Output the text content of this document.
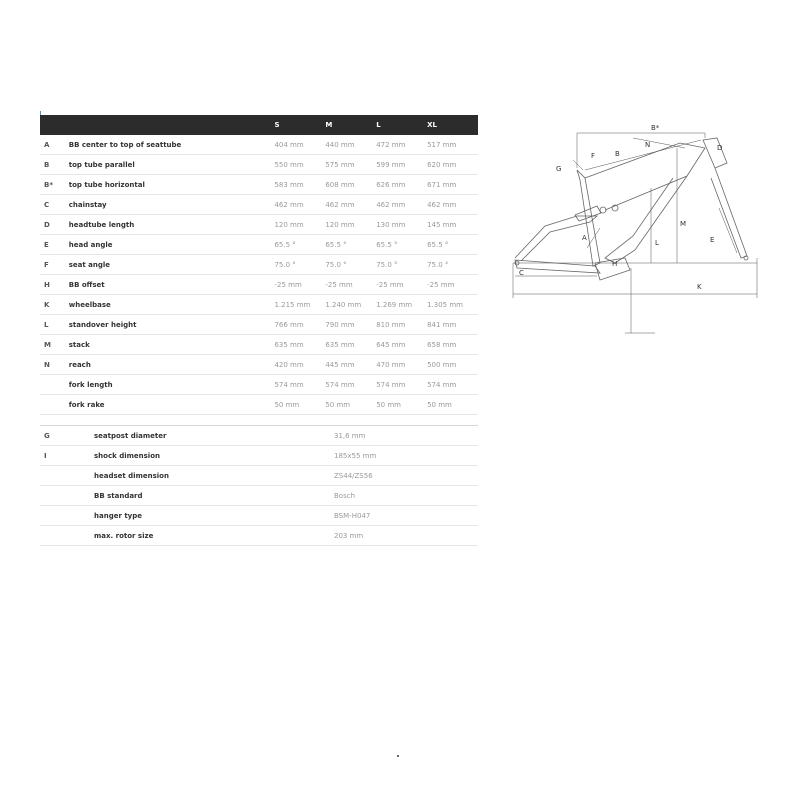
		S	M	L	XL
A	BB center to top of seattube	404 mm	440 mm	472 mm	517 mm
B	top tube parallel	550 mm	575 mm	599 mm	620 mm
B*	top tube horizontal	583 mm	608 mm	626 mm	671 mm
C	chainstay	462 mm	462 mm	462 mm	462 mm
D	headtube length	120 mm	120 mm	130 mm	145 mm
E	head angle	65.5 °	65.5 °	65.5 °	65.5 °
F	seat angle	75.0 °	75.0 °	75.0 °	75.0 °
H	BB offset	-25 mm	-25 mm	-25 mm	-25 mm
K	wheelbase	1.215 mm	1.240 mm	1.269 mm	1.305 mm
L	standover height	766 mm	790 mm	810 mm	841 mm
M	stack	635 mm	635 mm	645 mm	658 mm
N	reach	420 mm	445 mm	470 mm	500 mm
	fork length	574 mm	574 mm	574 mm	574 mm
	fork rake	50 mm	50 mm	50 mm	50 mm
G	seatpost diameter	31,6 mm
I	shock dimension	185x55 mm
	headset dimension	ZS44/ZS56
	BB standard	Bosch
	hanger type	BSM-H047
	max. rotor size	203 mm
B*
B
N	D
F
G
M
L	E
A
H
C
K
